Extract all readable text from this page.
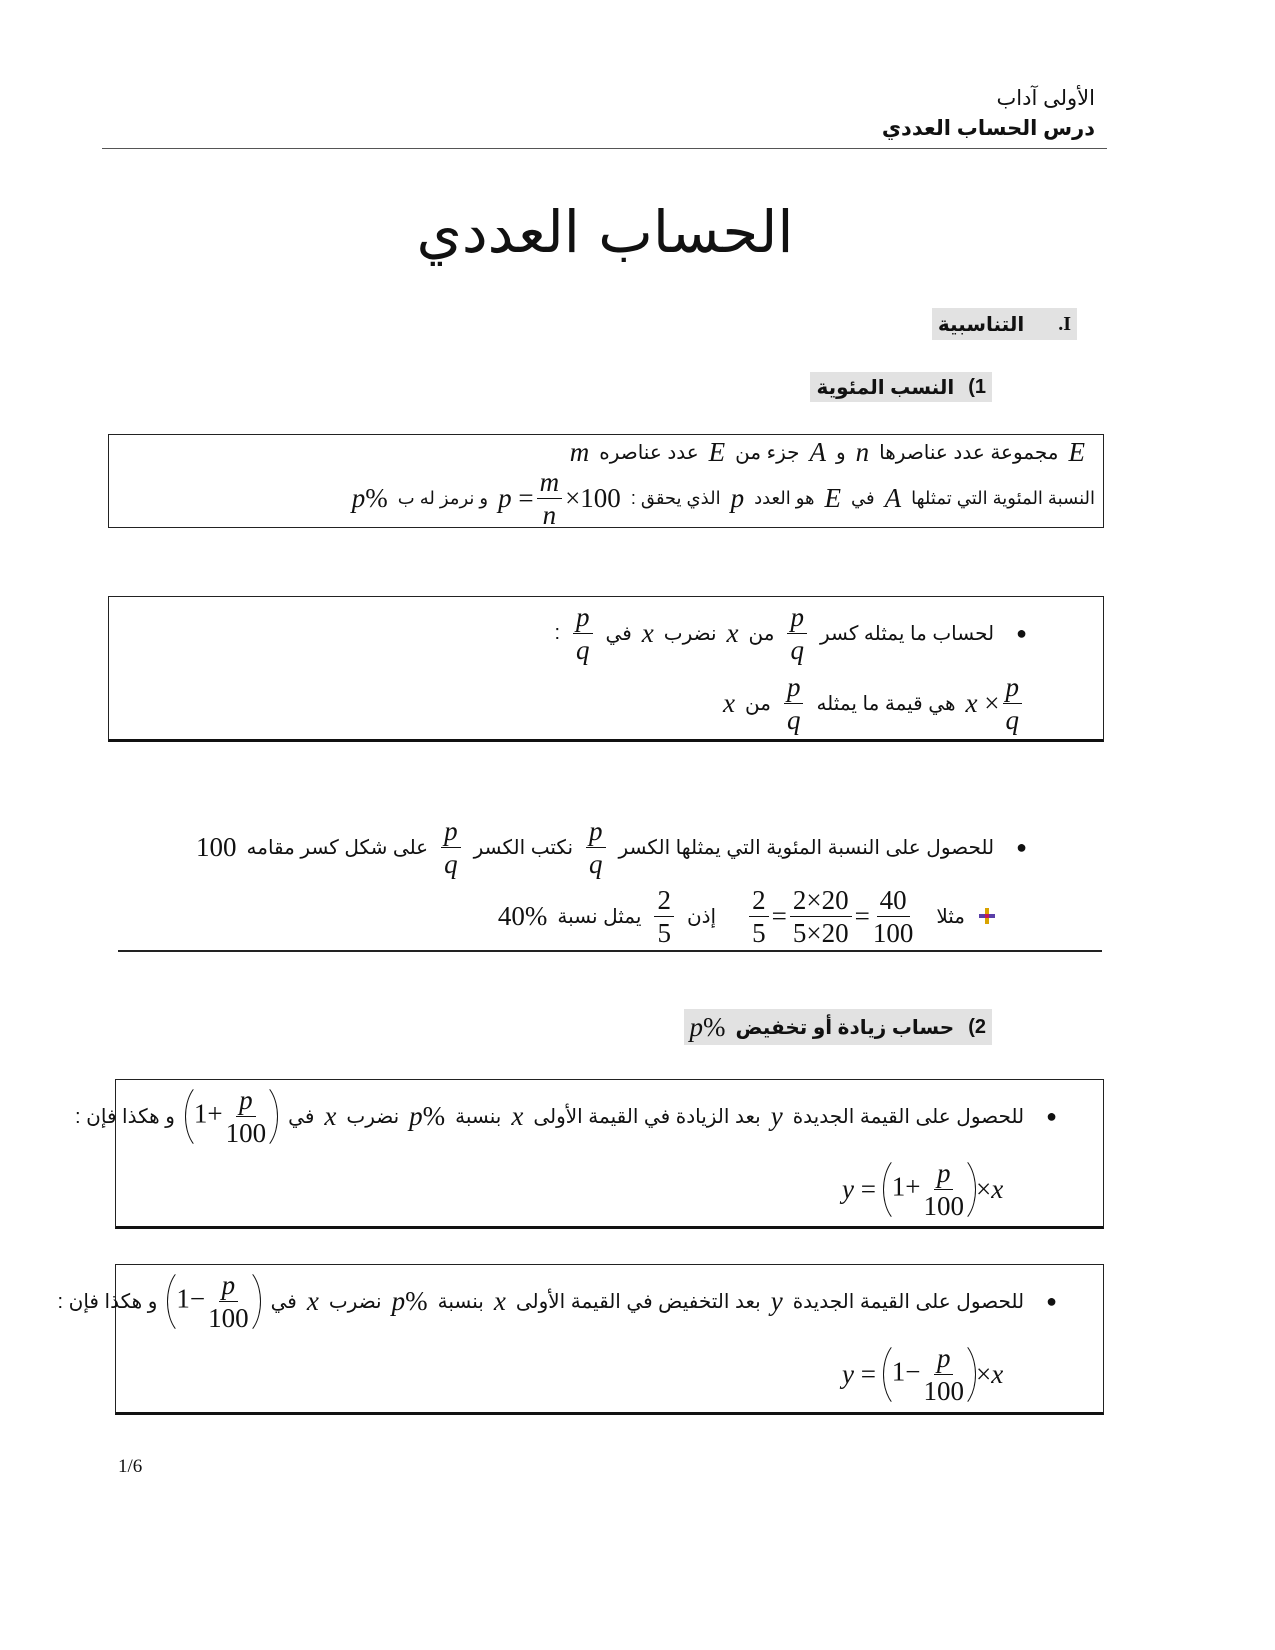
الأولى آداب
درس الحساب العددي
الحساب العددي
I.
التناسبية
1)
النسب المئوية
E
مجموعة عدد عناصرها
n
و
A
جزء من
E
عدد عناصره
m
النسبة المئوية التي تمثلها
A
في
E
هو العدد
p
الذي يحقق :
$p = \frac{m}{n} \times 100$
و نرمز له ب
p%
●
لحساب ما يمثله كسر
$\frac{p}{q}$
من
x
نضرب
x
في
$\frac{p}{q}$
:
$x \times \frac{p}{q}$
هي قيمة ما يمثله
$\frac{p}{q}$
من
x
●
للحصول على النسبة المئوية التي يمثلها الكسر
$\frac{p}{q}$
نكتب الكسر
$\frac{p}{q}$
على شكل كسر مقامه
100
مثلا
$\frac{2}{5} = \frac{2\times 20}{5\times 20} = \frac{40}{100}$
إذن
$\frac{2}{5}$
يمثل نسبة
40%
2)
حساب زيادة أو تخفيض
p%
●
للحصول على القيمة الجديدة
y
بعد الزيادة في القيمة الأولى
x
بنسبة
p%
نضرب
x
في
$1+ \frac{p}{100}$
و هكذا فإن :
$y = 1+ \frac{p}{100} \times x$
●
للحصول على القيمة الجديدة
y
بعد التخفيض في القيمة الأولى
x
بنسبة
p%
نضرب
x
في
$1- \frac{p}{100}$
و هكذا فإن :
$y = 1- \frac{p}{100} \times x$
1/6
